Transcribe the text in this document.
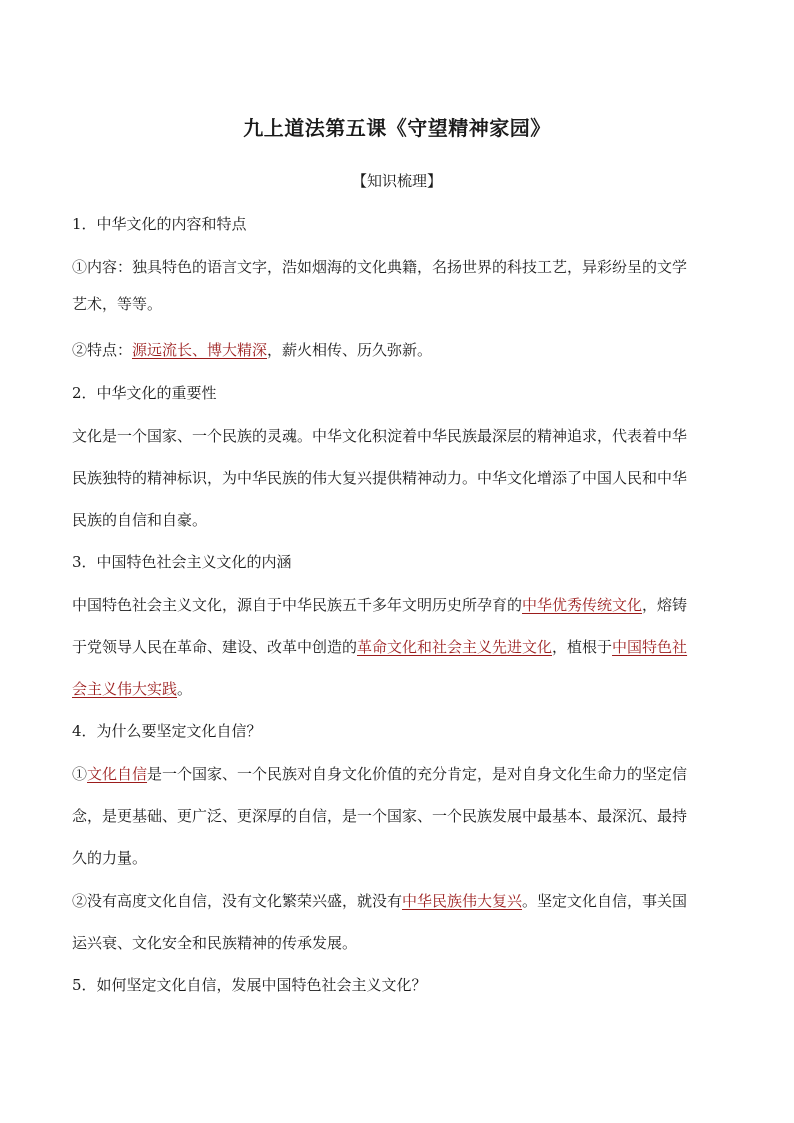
九上道法第五课《守望精神家园》
【知识梳理】
1．中华文化的内容和特点
①内容：独具特色的语言文字，浩如烟海的文化典籍，名扬世界的科技工艺，异彩纷呈的文学
艺术，等等。
②特点：源远流长、博大精深，薪火相传、历久弥新。
2．中华文化的重要性
文化是一个国家、一个民族的灵魂。中华文化积淀着中华民族最深层的精神追求，代表着中华
民族独特的精神标识，为中华民族的伟大复兴提供精神动力。中华文化增添了中国人民和中华
民族的自信和自豪。
3．中国特色社会主义文化的内涵
中国特色社会主义文化，源自于中华民族五千多年文明历史所孕育的中华优秀传统文化，熔铸
于党领导人民在革命、建设、改革中创造的革命文化和社会主义先进文化，植根于中国特色社
会主义伟大实践。
4．为什么要坚定文化自信？
①文化自信是一个国家、一个民族对自身文化价值的充分肯定，是对自身文化生命力的坚定信
念，是更基础、更广泛、更深厚的自信，是一个国家、一个民族发展中最基本、最深沉、最持
久的力量。
②没有高度文化自信，没有文化繁荣兴盛，就没有中华民族伟大复兴。坚定文化自信，事关国
运兴衰、文化安全和民族精神的传承发展。
5．如何坚定文化自信，发展中国特色社会主义文化？
